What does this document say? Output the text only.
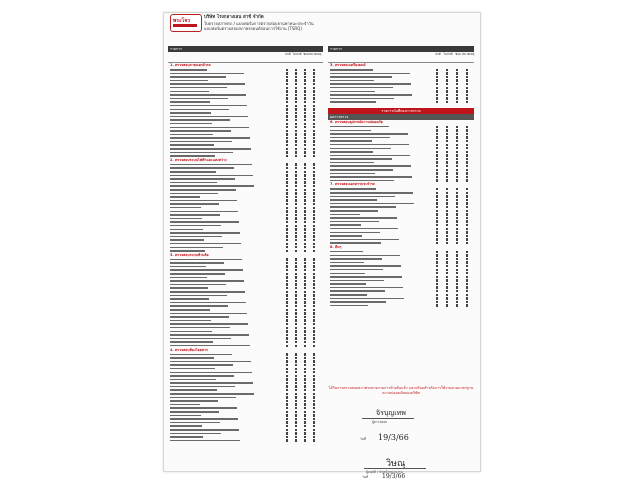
พระโจว
บริษัท โรงกลางเลน สาขี จำกัด
ใบตรวจสภาพรถ / แบบฟอร์มการตรวจสอบยานพาหนะประจำวัน
แบบฟอร์มตรวจสอบสภาพรถยนต์ก่อนการใช้งาน (TSRQ)
รายการ
ปกติ ไม่ปกติ ซ่อม หมายเหตุ
1. ตรวจสอบภายนอกตัวรถ
2. ตรวจสอบระบบไฟฟ้าและแสงสว่าง
3. ตรวจสอบระบบห้ามล้อ
4. ตรวจสอบห้องโดยสาร
รายการ
ปกติ ไม่ปกติ ซ่อม หมายเหตุ
5. ตรวจสอบเครื่องยนต์
รายการบันทึกผลการตรวจ
ผลการตรวจ
6. ตรวจสอบอุปกรณ์ความปลอดภัย
7. ตรวจสอบเอกสารประจำรถ
8. อื่นๆ
ได้รับการตรวจสอบสภาพรถตามรายการข้างต้นแล้ว และพร้อมสำหรับการใช้งานตามมาตรฐานความปลอดภัยของบริษัท
จิรบุญเทพ
ผู้ตรวจสอบ
วันที่ 19/3/66
วิษณุ
ผู้อนุมัติ / หัวหน้าหน่วยงาน
วันที่ 19/3/66
